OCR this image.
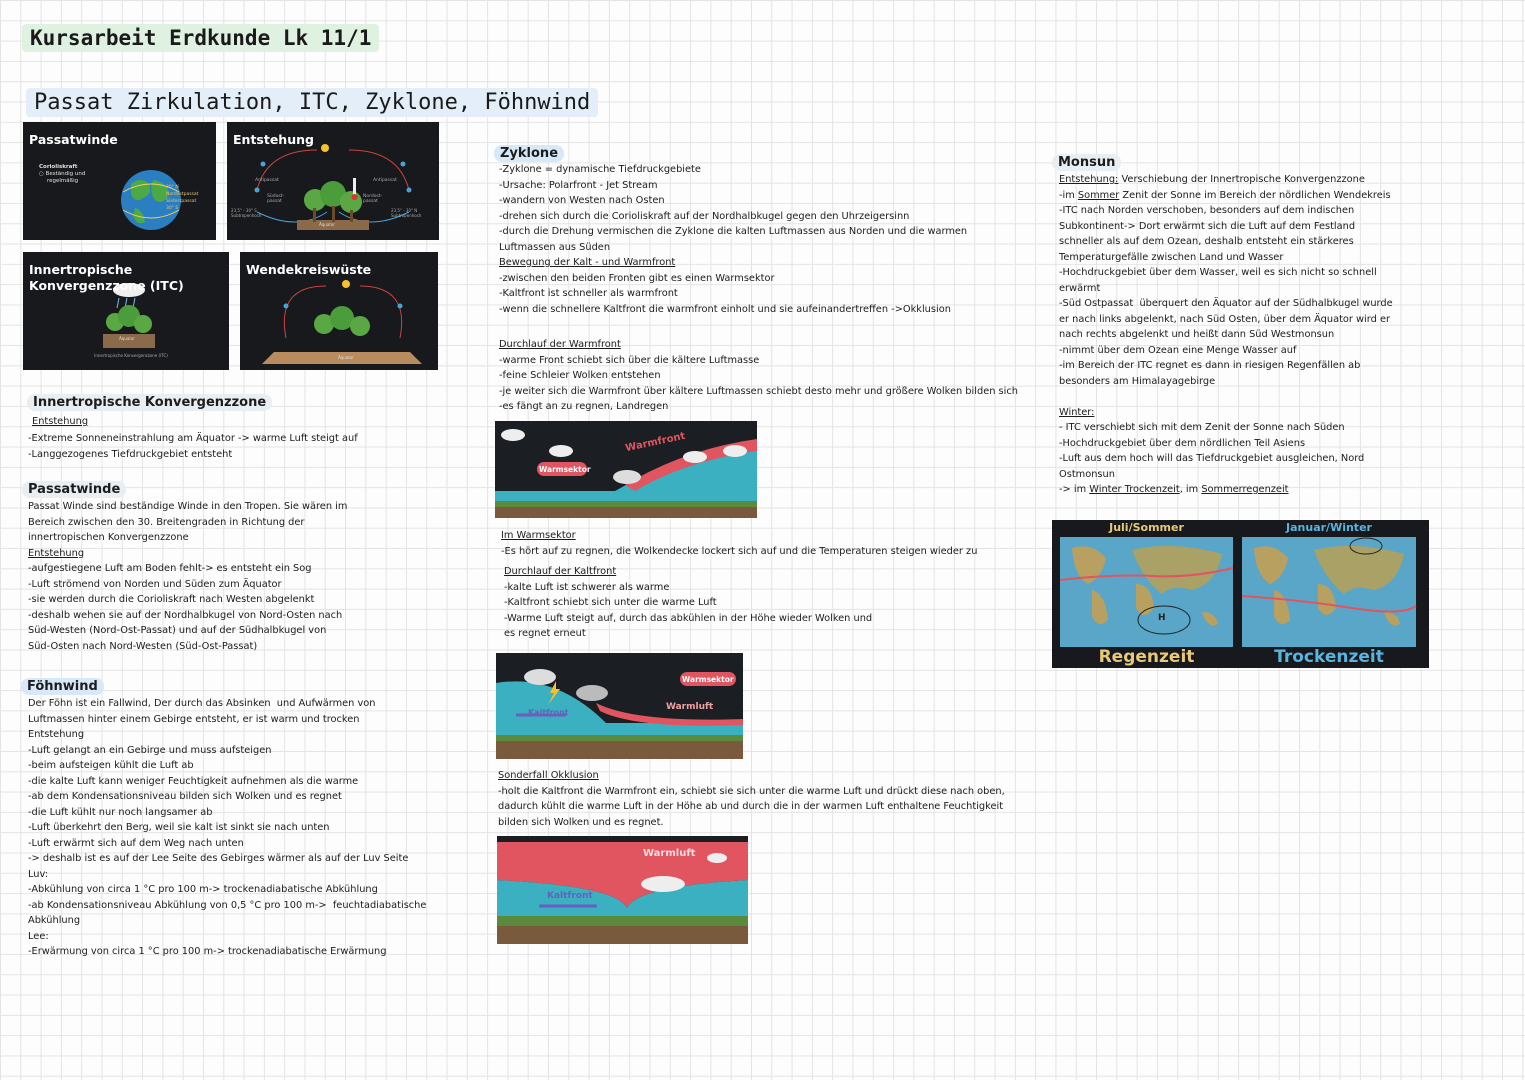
Kursarbeit Erdkunde Lk 11/1
Passat Zirkulation, ITC, Zyklone, Föhnwind
Passatwinde
Corioliskraft
○ Beständig und
regelmäßig
30° N
Nordostpassat
Südostpassat
30° S
Entstehung
Antipassat	Antipassat
Südost-passat
Nordost-passat
23,5° - 30° S Subtropenhoch
23,5° - 30° N Subtropenhoch
Äquator
Innertropische Konvergenzzone (ITC)
Äquator
Innertropische Konvergenzzone (ITC)
Wendekreiswüste
Äquator
Innertropische Konvergenzzone
Entstehung
-Extreme Sonneneinstrahlung am Äquator -> warme Luft steigt auf
-Langgezogenes Tiefdruckgebiet entsteht
Passatwinde
Passat Winde sind beständige Winde in den Tropen. Sie wären im
Bereich zwischen den 30. Breitengraden in Richtung der
innertropischen Konvergenzzone
Entstehung
-aufgestiegene Luft am Boden fehlt-> es entsteht ein Sog
-Luft strömend von Norden und Süden zum Äquator
-sie werden durch die Corioliskraft nach Westen abgelenkt
-deshalb wehen sie auf der Nordhalbkugel von Nord-Osten nach
Süd-Westen (Nord-Ost-Passat) und auf der Südhalbkugel von
Süd-Osten nach Nord-Westen (Süd-Ost-Passat)
Föhnwind
Der Föhn ist ein Fallwind, Der durch das Absinken  und Aufwärmen von
Luftmassen hinter einem Gebirge entsteht, er ist warm und trocken
Entstehung
-Luft gelangt an ein Gebirge und muss aufsteigen
-beim aufsteigen kühlt die Luft ab
-die kalte Luft kann weniger Feuchtigkeit aufnehmen als die warme
-ab dem Kondensationsniveau bilden sich Wolken und es regnet
-die Luft kühlt nur noch langsamer ab
-Luft überkehrt den Berg, weil sie kalt ist sinkt sie nach unten
-Luft erwärmt sich auf dem Weg nach unten
-> deshalb ist es auf der Lee Seite des Gebirges wärmer als auf der Luv Seite
Luv:
-Abkühlung von circa 1 °C pro 100 m-> trockenadiabatische Abkühlung
-ab Kondensationsniveau Abkühlung von 0,5 °C pro 100 m->  feuchtadiabatische
Abkühlung
Lee:
-Erwärmung von circa 1 °C pro 100 m-> trockenadiabatische Erwärmung
Zyklone
-Zyklone = dynamische Tiefdruckgebiete
-Ursache: Polarfront - Jet Stream
-wandern von Westen nach Osten
-drehen sich durch die Corioliskraft auf der Nordhalbkugel gegen den Uhrzeigersinn
-durch die Drehung vermischen die Zyklone die kalten Luftmassen aus Norden und die warmen
Luftmassen aus Süden
Bewegung der Kalt - und Warmfront
-zwischen den beiden Fronten gibt es einen Warmsektor
-Kaltfront ist schneller als warmfront
-wenn die schnellere Kaltfront die warmfront einholt und sie aufeinandertreffen ->Okklusion
Durchlauf der Warmfront
-warme Front schiebt sich über die kältere Luftmasse
-feine Schleier Wolken entstehen
-je weiter sich die Warmfront über kältere Luftmassen schiebt desto mehr und größere Wolken bilden sich
-es fängt an zu regnen, Landregen
Warmfront
Warmsektor
Im Warmsektor
-Es hört auf zu regnen, die Wolkendecke lockert sich auf und die Temperaturen steigen wieder zu
Durchlauf der Kaltfront
-kalte Luft ist schwerer als warme
-Kaltfront schiebt sich unter die warme Luft
-Warme Luft steigt auf, durch das abkühlen in der Höhe wieder Wolken und
es regnet erneut
Warmsektor
Warmluft
Kaltfront
Sonderfall Okklusion
-holt die Kaltfront die Warmfront ein, schiebt sie sich unter die warme Luft und drückt diese nach oben,
dadurch kühlt die warme Luft in der Höhe ab und durch die in der warmen Luft enthaltene Feuchtigkeit
bilden sich Wolken und es regnet.
Warmluft
Kaltfront
Monsun
Entstehung: Verschiebung der Innertropische Konvergenzzone
-im Sommer Zenit der Sonne im Bereich der nördlichen Wendekreis
-ITC nach Norden verschoben, besonders auf dem indischen
Subkontinent-> Dort erwärmt sich die Luft auf dem Festland
schneller als auf dem Ozean, deshalb entsteht ein stärkeres
Temperaturgefälle zwischen Land und Wasser
-Hochdruckgebiet über dem Wasser, weil es sich nicht so schnell
erwärmt
-Süd Ostpassat  überquert den Äquator auf der Südhalbkugel wurde
er nach links abgelenkt, nach Süd Osten, über dem Äquator wird er
nach rechts abgelenkt und heißt dann Süd Westmonsun
-nimmt über dem Ozean eine Menge Wasser auf
-im Bereich der ITC regnet es dann in riesigen Regenfällen ab
besonders am Himalayagebirge

Winter:
- ITC verschiebt sich mit dem Zenit der Sonne nach Süden
-Hochdruckgebiet über dem nördlichen Teil Asiens
-Luft aus dem hoch will das Tiefdruckgebiet ausgleichen, Nord
Ostmonsun
-> im Winter Trockenzeit, im Sommerregenzeit
Juli/Sommer	Januar/Winter
H
Regenzeit	Trockenzeit
